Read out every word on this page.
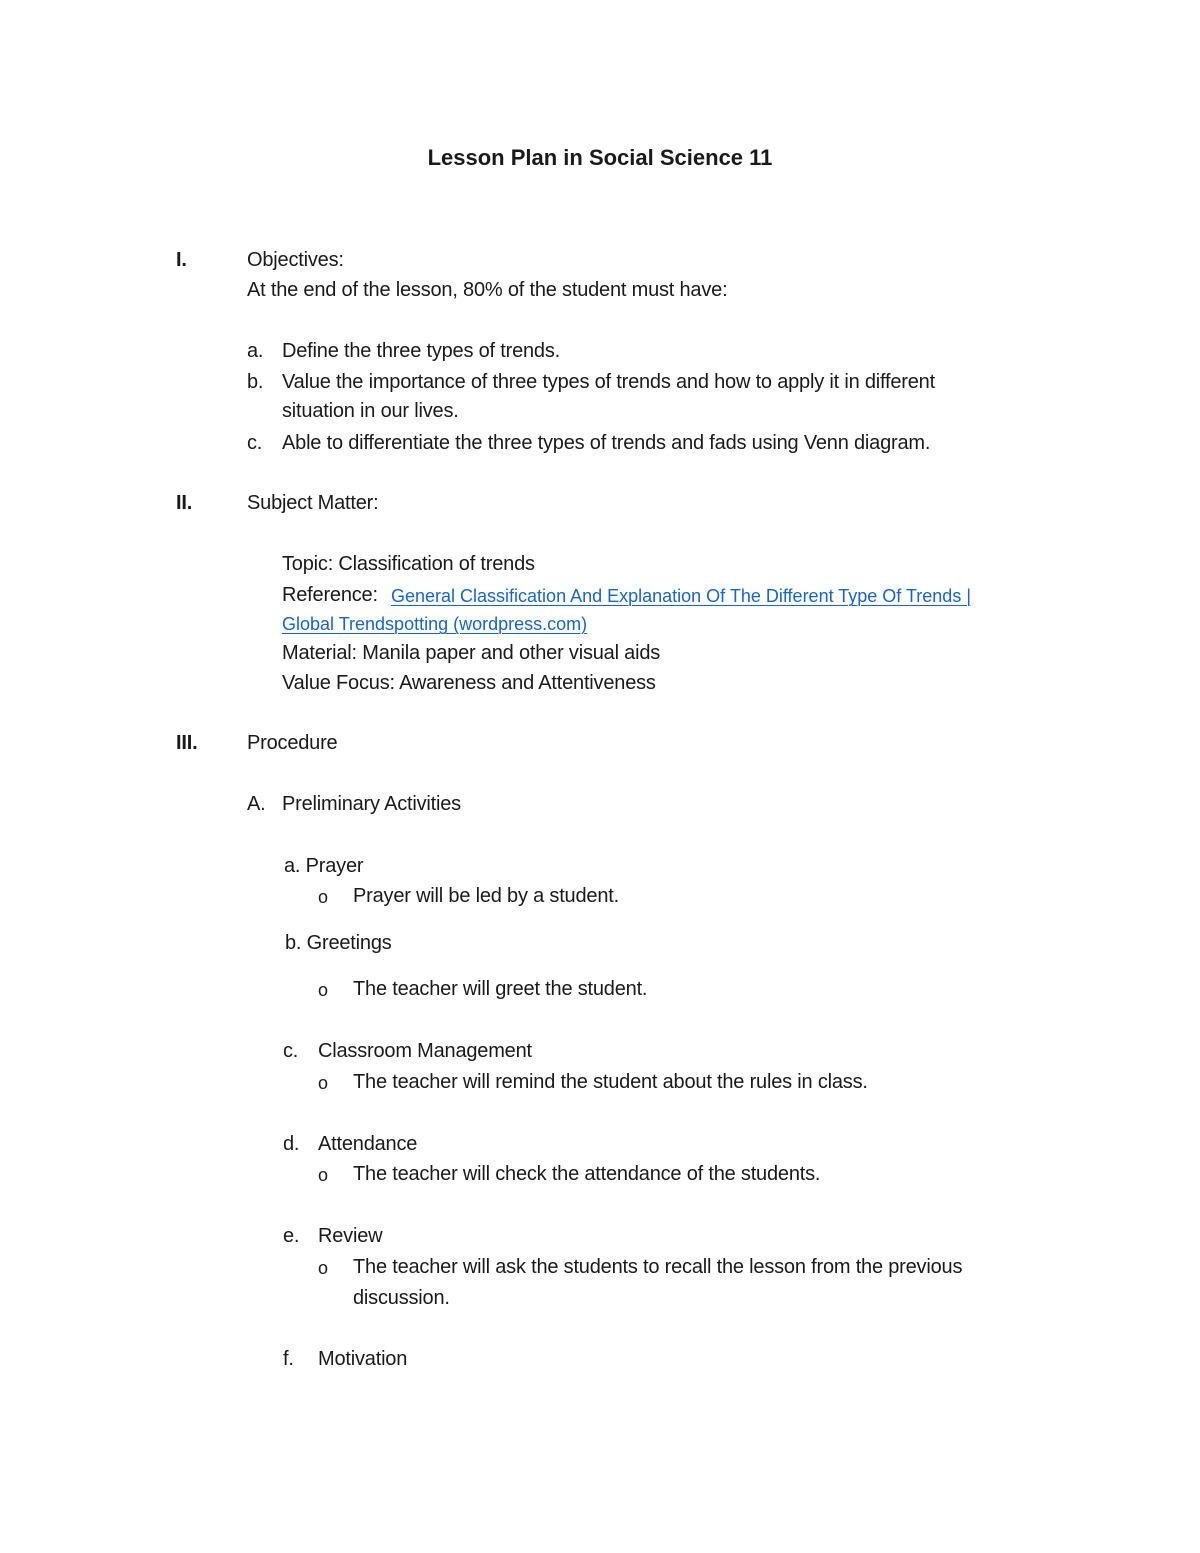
Lesson Plan in Social Science 11
I.	Objectives:
At the end of the lesson, 80% of the student must have:
a. Define the three types of trends.
b. Value the importance of three types of trends and how to apply it in different
situation in our lives.
c. Able to differentiate the three types of trends and fads using Venn diagram.
II.	Subject Matter:
Topic: Classification of trends
Reference: General Classification And Explanation Of The Different Type Of Trends |
Global Trendspotting (wordpress.com)
Material: Manila paper and other visual aids
Value Focus: Awareness and Attentiveness
III. Procedure
A. Preliminary Activities
a. Prayer
o Prayer will be led by a student.
b. Greetings
o The teacher will greet the student.
c. Classroom Management
o The teacher will remind the student about the rules in class.
d. Attendance
o The teacher will check the attendance of the students.
e. Review
o The teacher will ask the students to recall the lesson from the previous
discussion.
f. Motivation
